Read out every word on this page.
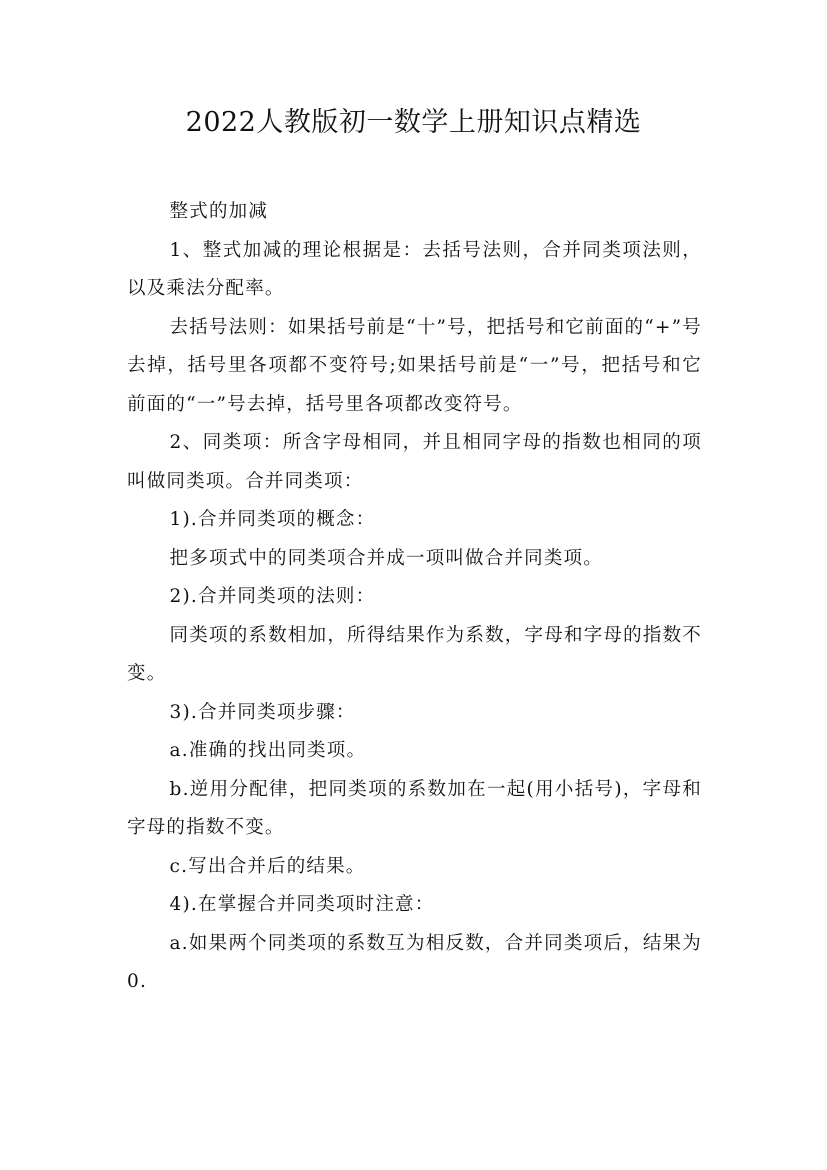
2022人教版初一数学上册知识点精选

整式的加减

1、整式加减的理论根据是：去括号法则，合并同类项法则，以及乘法分配率。

去括号法则：如果括号前是“十”号，把括号和它前面的“+”号去掉，括号里各项都不变符号;如果括号前是“一”号，把括号和它前面的“一”号去掉，括号里各项都改变符号。

2、同类项：所含字母相同，并且相同字母的指数也相同的项叫做同类项。合并同类项：

1).合并同类项的概念：

把多项式中的同类项合并成一项叫做合并同类项。

2).合并同类项的法则：

同类项的系数相加，所得结果作为系数，字母和字母的指数不变。

3).合并同类项步骤：

a.准确的找出同类项。

b.逆用分配律，把同类项的系数加在一起(用小括号)，字母和字母的指数不变。

c.写出合并后的结果。

4).在掌握合并同类项时注意：

a.如果两个同类项的系数互为相反数，合并同类项后，结果为0.
